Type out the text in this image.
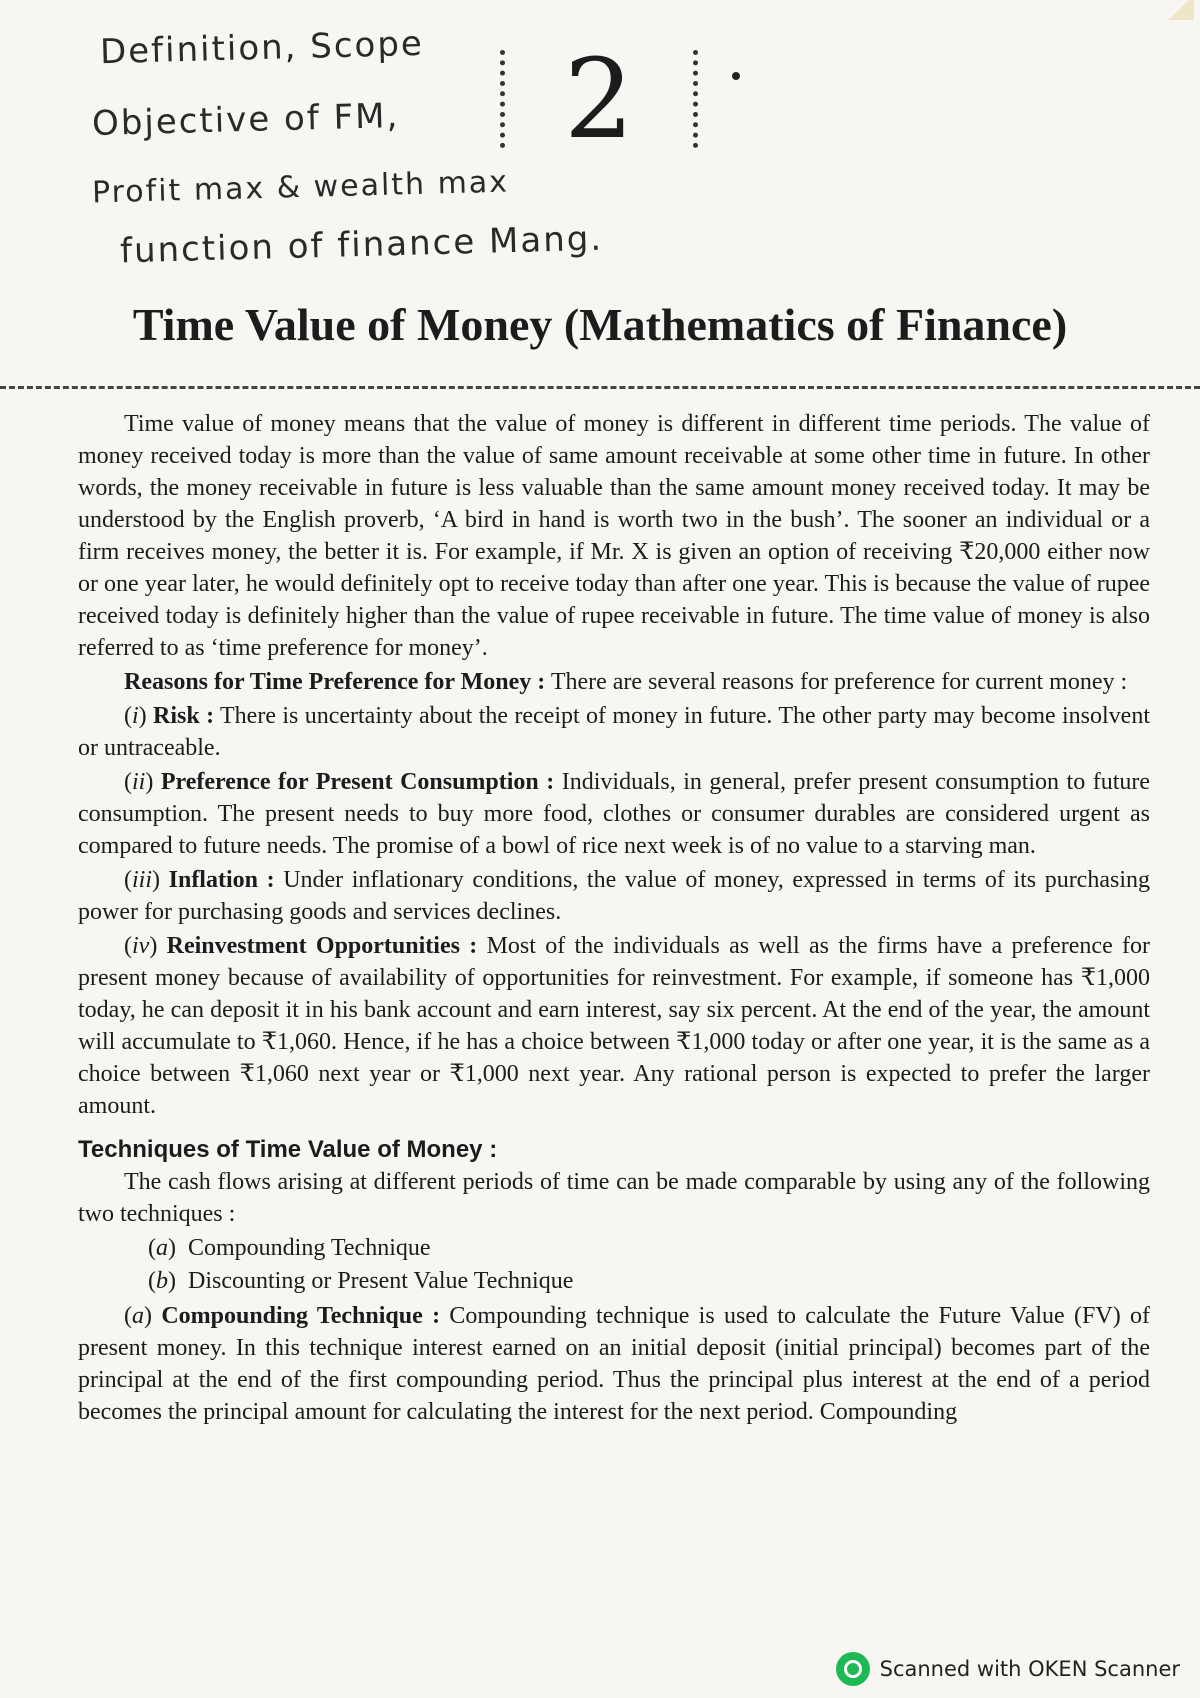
Definition, Scope
Objective of FM,
Profit max & wealth max
function of finance Mang.
2
Time Value of Money (Mathematics of Finance)

Time value of money means that the value of money is different in different time periods. The value of money received today is more than the value of same amount receivable at some other time in future. In other words, the money receivable in future is less valuable than the same amount money received today. It may be understood by the English proverb, ‘A bird in hand is worth two in the bush’. The sooner an individual or a firm receives money, the better it is. For example, if Mr. X is given an option of receiving ₹20,000 either now or one year later, he would definitely opt to receive today than after one year. This is because the value of rupee received today is definitely higher than the value of rupee receivable in future. The time value of money is also referred to as ‘time preference for money’.

Reasons for Time Preference for Money : There are several reasons for preference for current money :

(i) Risk : There is uncertainty about the receipt of money in future. The other party may become insolvent or untraceable.

(ii) Preference for Present Consumption : Individuals, in general, prefer present consumption to future consumption. The present needs to buy more food, clothes or consumer durables are considered urgent as compared to future needs. The promise of a bowl of rice next week is of no value to a starving man.

(iii) Inflation : Under inflationary conditions, the value of money, expressed in terms of its purchasing power for purchasing goods and services declines.

(iv) Reinvestment Opportunities : Most of the individuals as well as the firms have a preference for present money because of availability of opportunities for reinvestment. For example, if someone has ₹1,000 today, he can deposit it in his bank account and earn interest, say six percent. At the end of the year, the amount will accumulate to ₹1,060. Hence, if he has a choice between ₹1,000 today or after one year, it is the same as a choice between ₹1,060 next year or ₹1,000 next year. Any rational person is expected to prefer the larger amount.

Techniques of Time Value of Money :

The cash flows arising at different periods of time can be made comparable by using any of the following two techniques :

(a)  Compounding Technique
(b)  Discounting or Present Value Technique

(a) Compounding Technique : Compounding technique is used to calculate the Future Value (FV) of present money. In this technique interest earned on an initial deposit (initial principal) becomes part of the principal at the end of the first compounding period. Thus the principal plus interest at the end of a period becomes the principal amount for calculating the interest for the next period. Compounding

Scanned with OKEN Scanner
